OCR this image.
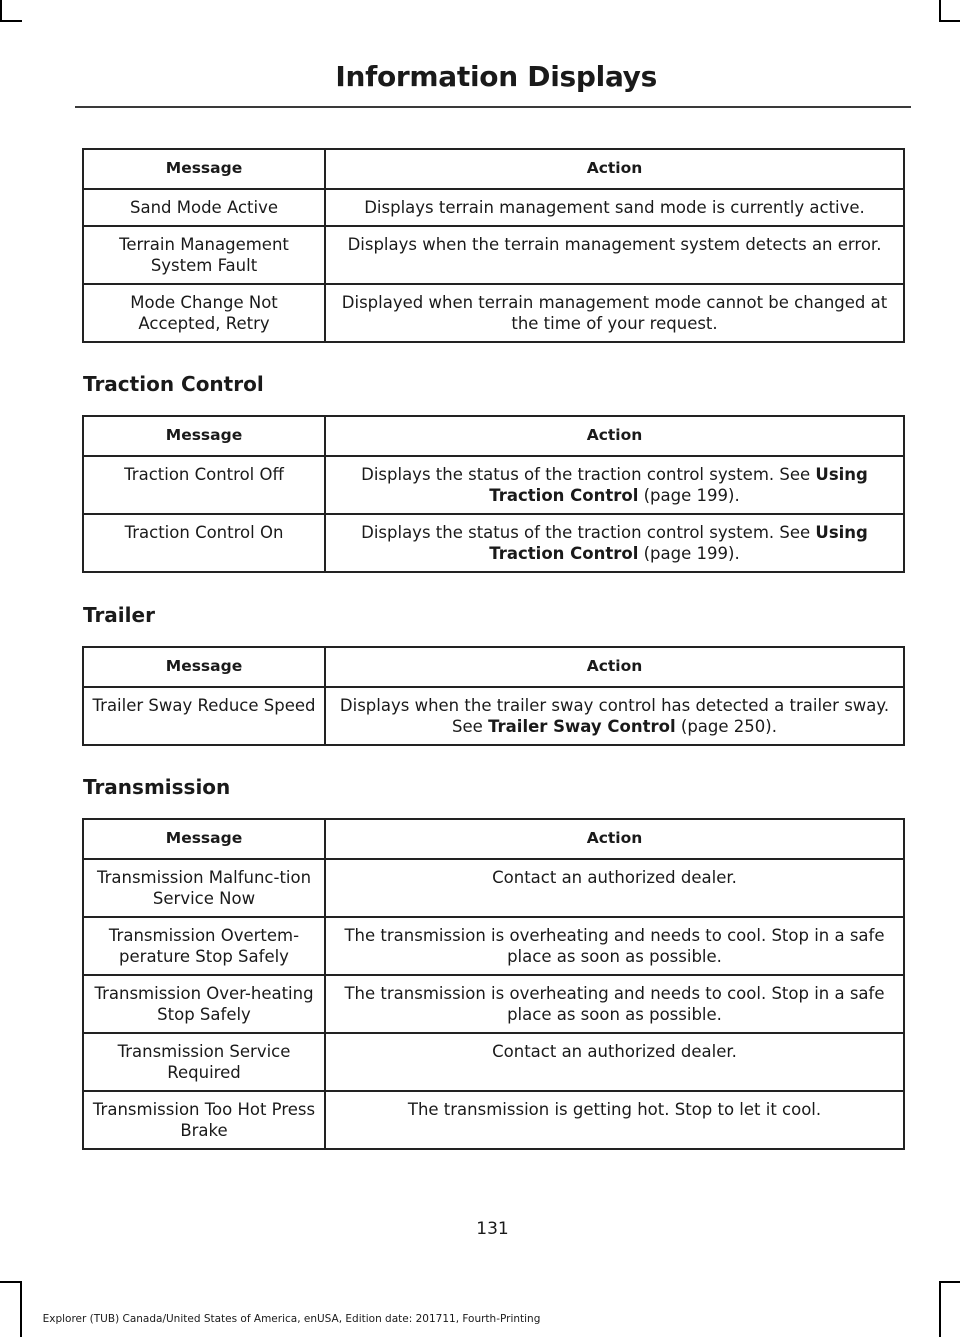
Information Displays
Message	Action
Sand Mode Active	Displays terrain management sand mode is currently active.
Terrain Management System Fault	Displays when the terrain management system detects an error.
Mode Change Not Accepted, Retry	Displayed when terrain management mode cannot be changed at the time of your request.
Traction Control
Message	Action
Traction Control Off	Displays the status of the traction control system. See Using Traction Control (page 199).
Traction Control On	Displays the status of the traction control system. See Using Traction Control (page 199).
Trailer
Message	Action
Trailer Sway Reduce Speed	Displays when the trailer sway control has detected a trailer sway. See Trailer Sway Control (page 250).
Transmission
Message	Action
Transmission Malfunc-tion Service Now	Contact an authorized dealer.
Transmission Overtem-perature Stop Safely	The transmission is overheating and needs to cool. Stop in a safe place as soon as possible.
Transmission Over-heating Stop Safely	The transmission is overheating and needs to cool. Stop in a safe place as soon as possible.
Transmission Service Required	Contact an authorized dealer.
Transmission Too Hot Press Brake	The transmission is getting hot. Stop to let it cool.
131
Explorer (TUB) Canada/United States of America, enUSA, Edition date: 201711, Fourth-Printing
